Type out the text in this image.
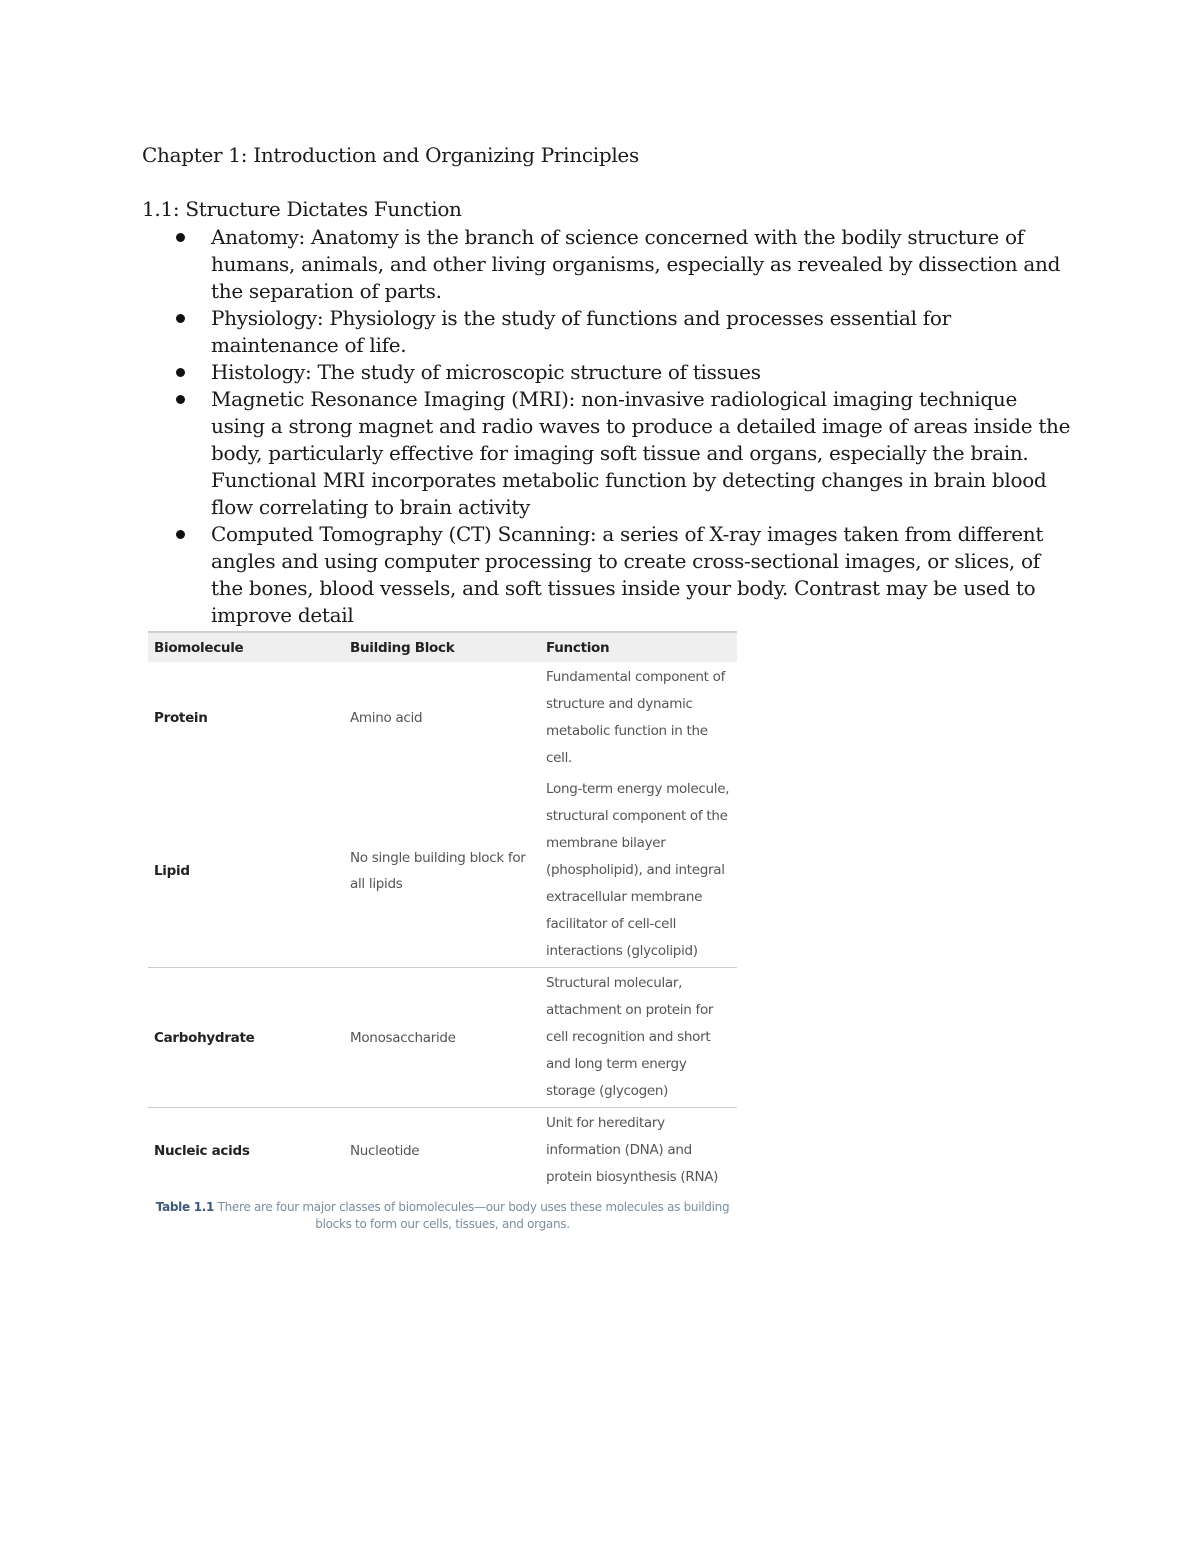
Chapter 1: Introduction and Organizing Principles
1.1: Structure Dictates Function
Anatomy: Anatomy is the branch of science concerned with the bodily structure of humans, animals, and other living organisms, especially as revealed by dissection and the separation of parts.
Physiology: Physiology is the study of functions and processes essential for maintenance of life.
Histology: The study of microscopic structure of tissues
Magnetic Resonance Imaging (MRI): non-invasive radiological imaging technique using a strong magnet and radio waves to produce a detailed image of areas inside the body, particularly effective for imaging soft tissue and organs, especially the brain. Functional MRI incorporates metabolic function by detecting changes in brain blood flow correlating to brain activity
Computed Tomography (CT) Scanning: a series of X-ray images taken from different angles and using computer processing to create cross-sectional images, or slices, of the bones, blood vessels, and soft tissues inside your body. Contrast may be used to improve detail
Biomolecule	Building Block	Function
Protein	Amino acid	Fundamental component of structure and dynamic metabolic function in the cell.
Lipid	No single building block for all lipids	Long-term energy molecule, structural component of the membrane bilayer (phospholipid), and integral extracellular membrane facilitator of cell-cell interactions (glycolipid)
Carbohydrate	Monosaccharide	Structural molecular, attachment on protein for cell recognition and short and long term energy storage (glycogen)
Nucleic acids	Nucleotide	Unit for hereditary information (DNA) and protein biosynthesis (RNA)
Table 1.1 There are four major classes of biomolecules—our body uses these molecules as building blocks to form our cells, tissues, and organs.
